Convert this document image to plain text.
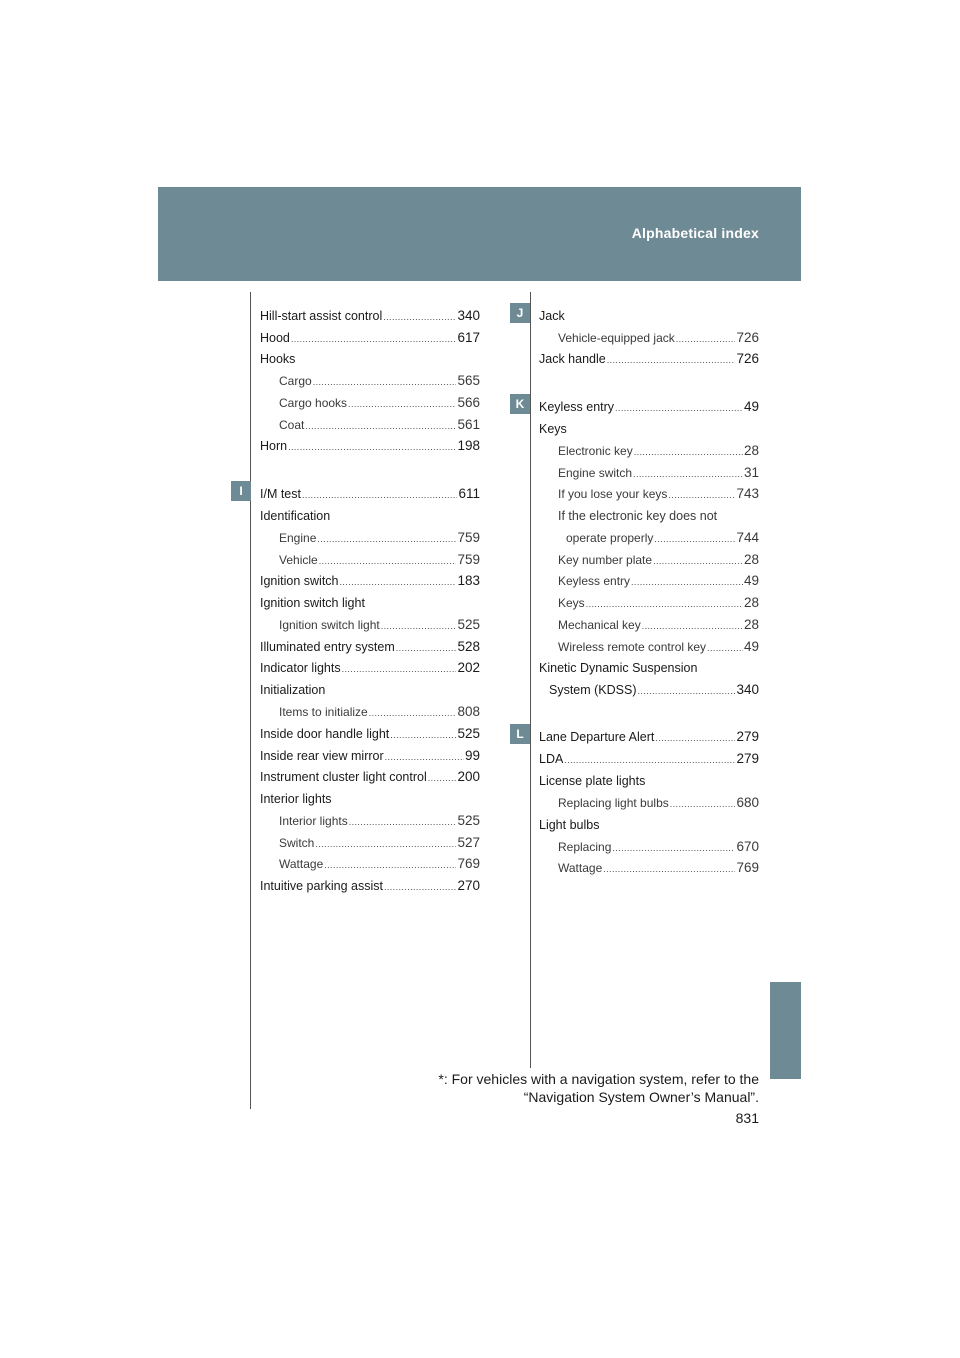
Alphabetical index
I
J
K
L
Hill-start assist control .....	340
Hood .....	617
Hooks
Cargo .....	565
Cargo hooks .....	566
Coat .....	561
Horn .....	198
I/M test .....	611
Identification
Engine .....	759
Vehicle .....	759
Ignition switch .....	183
Ignition switch light
Ignition switch light .....	525
Illuminated entry system .....	528
Indicator lights .....	202
Initialization
Items to initialize .....	808
Inside door handle light .....	525
Inside rear view mirror .....	99
Instrument cluster light control ..... 200
Interior lights
Interior lights .....	525
Switch .....	527
Wattage .....	769
Intuitive parking assist .....	270
Jack
Vehicle-equipped jack .....	726
Jack handle .....	726
Keyless entry .....	49
Keys
Electronic key .....	28
Engine switch .....	31
If you lose your keys .....	743
If the electronic key does not
operate properly .....	744
Key number plate .....	28
Keyless entry .....	49
Keys .....	28
Mechanical key .....	28
Wireless remote control key .....	49
Kinetic Dynamic Suspension
System (KDSS) .....	340
Lane Departure Alert .....	279
LDA .....	279
License plate lights
Replacing light bulbs .....	680
Light bulbs
Replacing .....	670
Wattage .....	769
*: For vehicles with a navigation system, refer to the
“Navigation System Owner’s Manual”.
831
